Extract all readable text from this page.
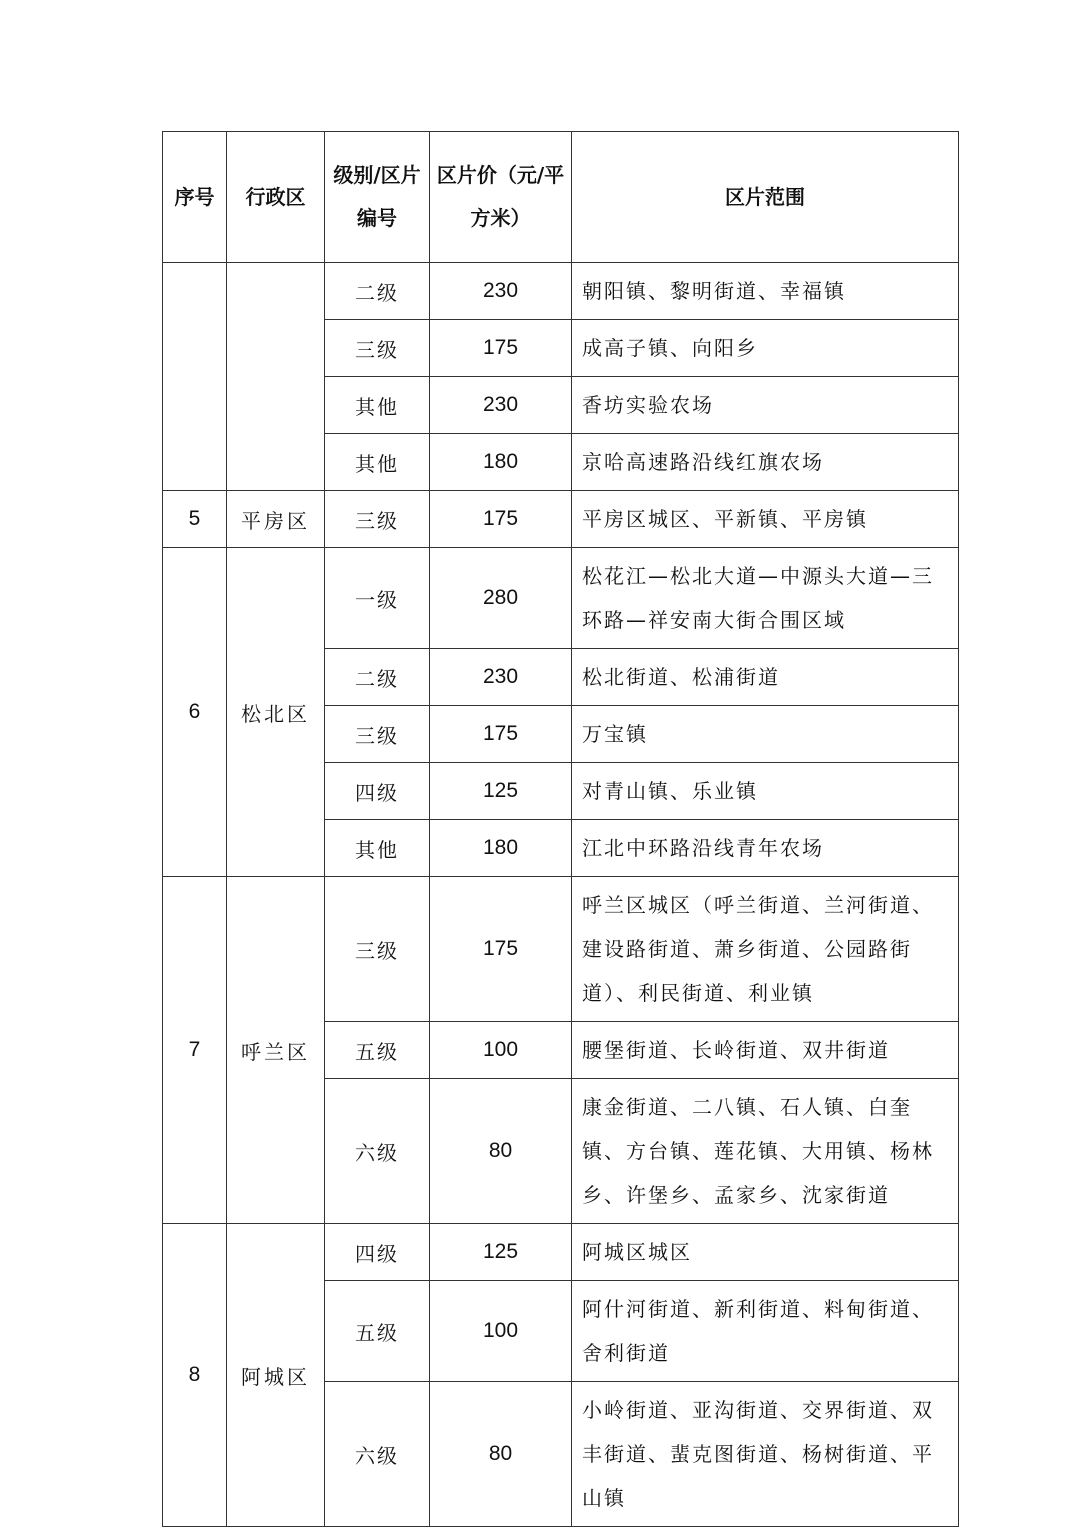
序号	行政区	级别/区片编号	区片价（元/平方米）	区片范围
		二级	230	朝阳镇、黎明街道、幸福镇
		三级	175	成高子镇、向阳乡
		其他	230	香坊实验农场
		其他	180	京哈高速路沿线红旗农场
5	平房区	三级	175	平房区城区、平新镇、平房镇
6	松北区	一级	280	松花江—松北大道—中源头大道—三环路—祥安南大街合围区域
		二级	230	松北街道、松浦街道
		三级	175	万宝镇
		四级	125	对青山镇、乐业镇
		其他	180	江北中环路沿线青年农场
7	呼兰区	三级	175	呼兰区城区（呼兰街道、兰河街道、建设路街道、萧乡街道、公园路街道）、利民街道、利业镇
		五级	100	腰堡街道、长岭街道、双井街道
		六级	80	康金街道、二八镇、石人镇、白奎镇、方台镇、莲花镇、大用镇、杨林乡、许堡乡、孟家乡、沈家街道
8	阿城区	四级	125	阿城区城区
		五级	100	阿什河街道、新利街道、料甸街道、舍利街道
		六级	80	小岭街道、亚沟街道、交界街道、双丰街道、蜚克图街道、杨树街道、平山镇
